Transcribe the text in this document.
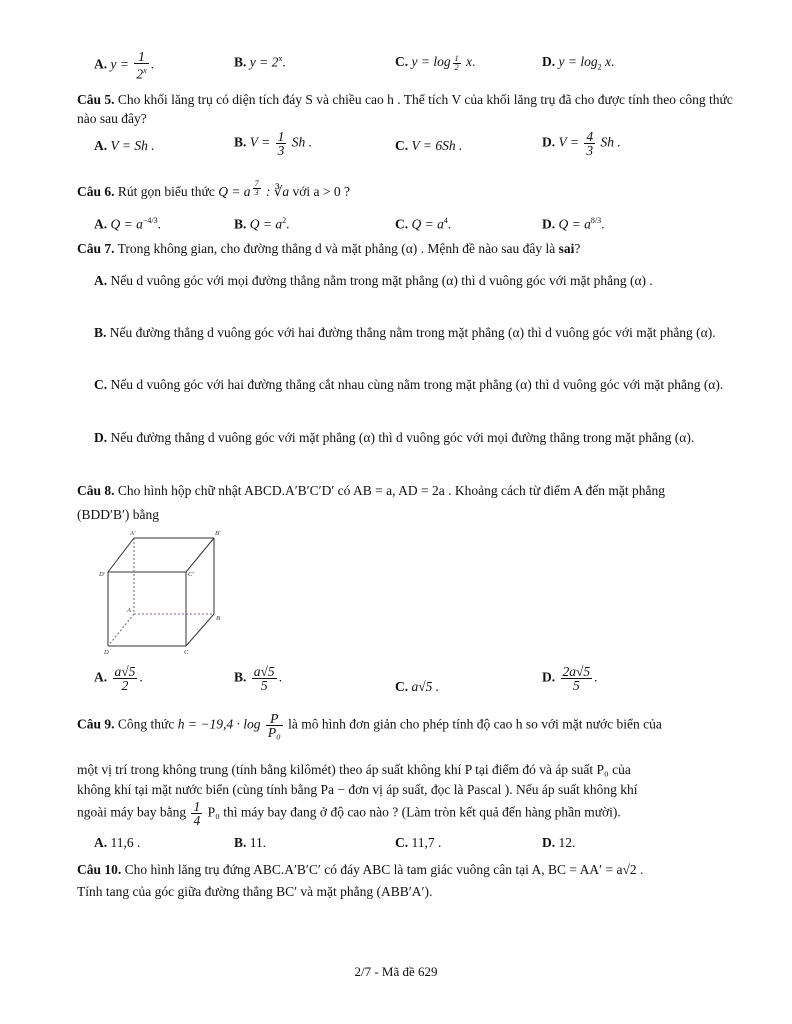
A. $y = \frac{1}{2^x}$ .	B. $y = 2^x$.	C. $y = \log \frac{1}{2} x$.	D. $y = \log_2 x$.
Câu 5. Cho khối lăng trụ có diện tích đáy S và chiều cao h . Thể tích V của khối lăng trụ đã cho được tính theo công thức nào sau đây?
A. V = Sh .	B. $V = \frac{1}{3}$ Sh .	C. V = 6Sh .	D. $V = \frac{4}{3}$ Sh .
Câu 6. Rút gọn biểu thức Q = a $^{\frac{7}{3}}$ : ∛a với a > 0 ?
A. $Q = a^{-4/3}$.	B. $Q = a^2$.	C. $Q = a^4$.	D. $Q = a^{8/3}$.
Câu 7. Trong không gian, cho đường thẳng d và mặt phẳng (α) . Mệnh đề nào sau đây là sai?
A. Nếu d vuông góc với mọi đường thẳng nằm trong mặt phẳng (α) thì d vuông góc với mặt phẳng (α) .
B. Nếu đường thẳng d vuông góc với hai đường thẳng nằm trong mặt phẳng (α) thì d vuông góc với mặt phẳng (α).
C. Nếu d vuông góc với hai đường thẳng cắt nhau cùng nằm trong mặt phẳng (α) thì d vuông góc với mặt phẳng (α).
D. Nếu đường thẳng d vuông góc với mặt phẳng (α) thì d vuông góc với mọi đường thẳng trong mặt phẳng (α).
Câu 8. Cho hình hộp chữ nhật ABCD.A′B′C′D′ có AB = a, AD = 2a . Khoảng cách từ điểm A đến mặt phẳng (BDD′B′) bằng
A'	B'
D'	C'
A
B
D	C
A. $\frac{a√5}{2}$ .	B. $\frac{a√5}{5}$ .
C. a√5 .
D. $\frac{2a√5}{5}$ .
Câu 9. Công thức $h = -19,4 \cdot \log \frac{P}{\text{P₀}}$ là mô hình đơn giản cho phép tính độ cao h so với mặt nước biển của
một vị trí trong không trung (tính bằng kilômét) theo áp suất không khí P tại điểm đó và áp suất P₀ của
không khí tại mặt nước biển (cùng tính bằng Pa − đơn vị áp suất, đọc là Pascal ). Nếu áp suất không khí
ngoài máy bay bằng $\frac{1}{4} P_0$ thì máy bay đang ở độ cao nào ? (Làm tròn kết quả đến hàng phần mười).
A. 11,6 .	B. 11.	C. 11,7 .	D. 12.
Câu 10. Cho hình lăng trụ đứng ABC.A′B′C′ có đáy ABC là tam giác vuông cân tại A, BC = AA′ = a√2 .
Tính tang của góc giữa đường thẳng BC′ và mặt phẳng (ABB′A′).
2/7 - Mã đề 629
